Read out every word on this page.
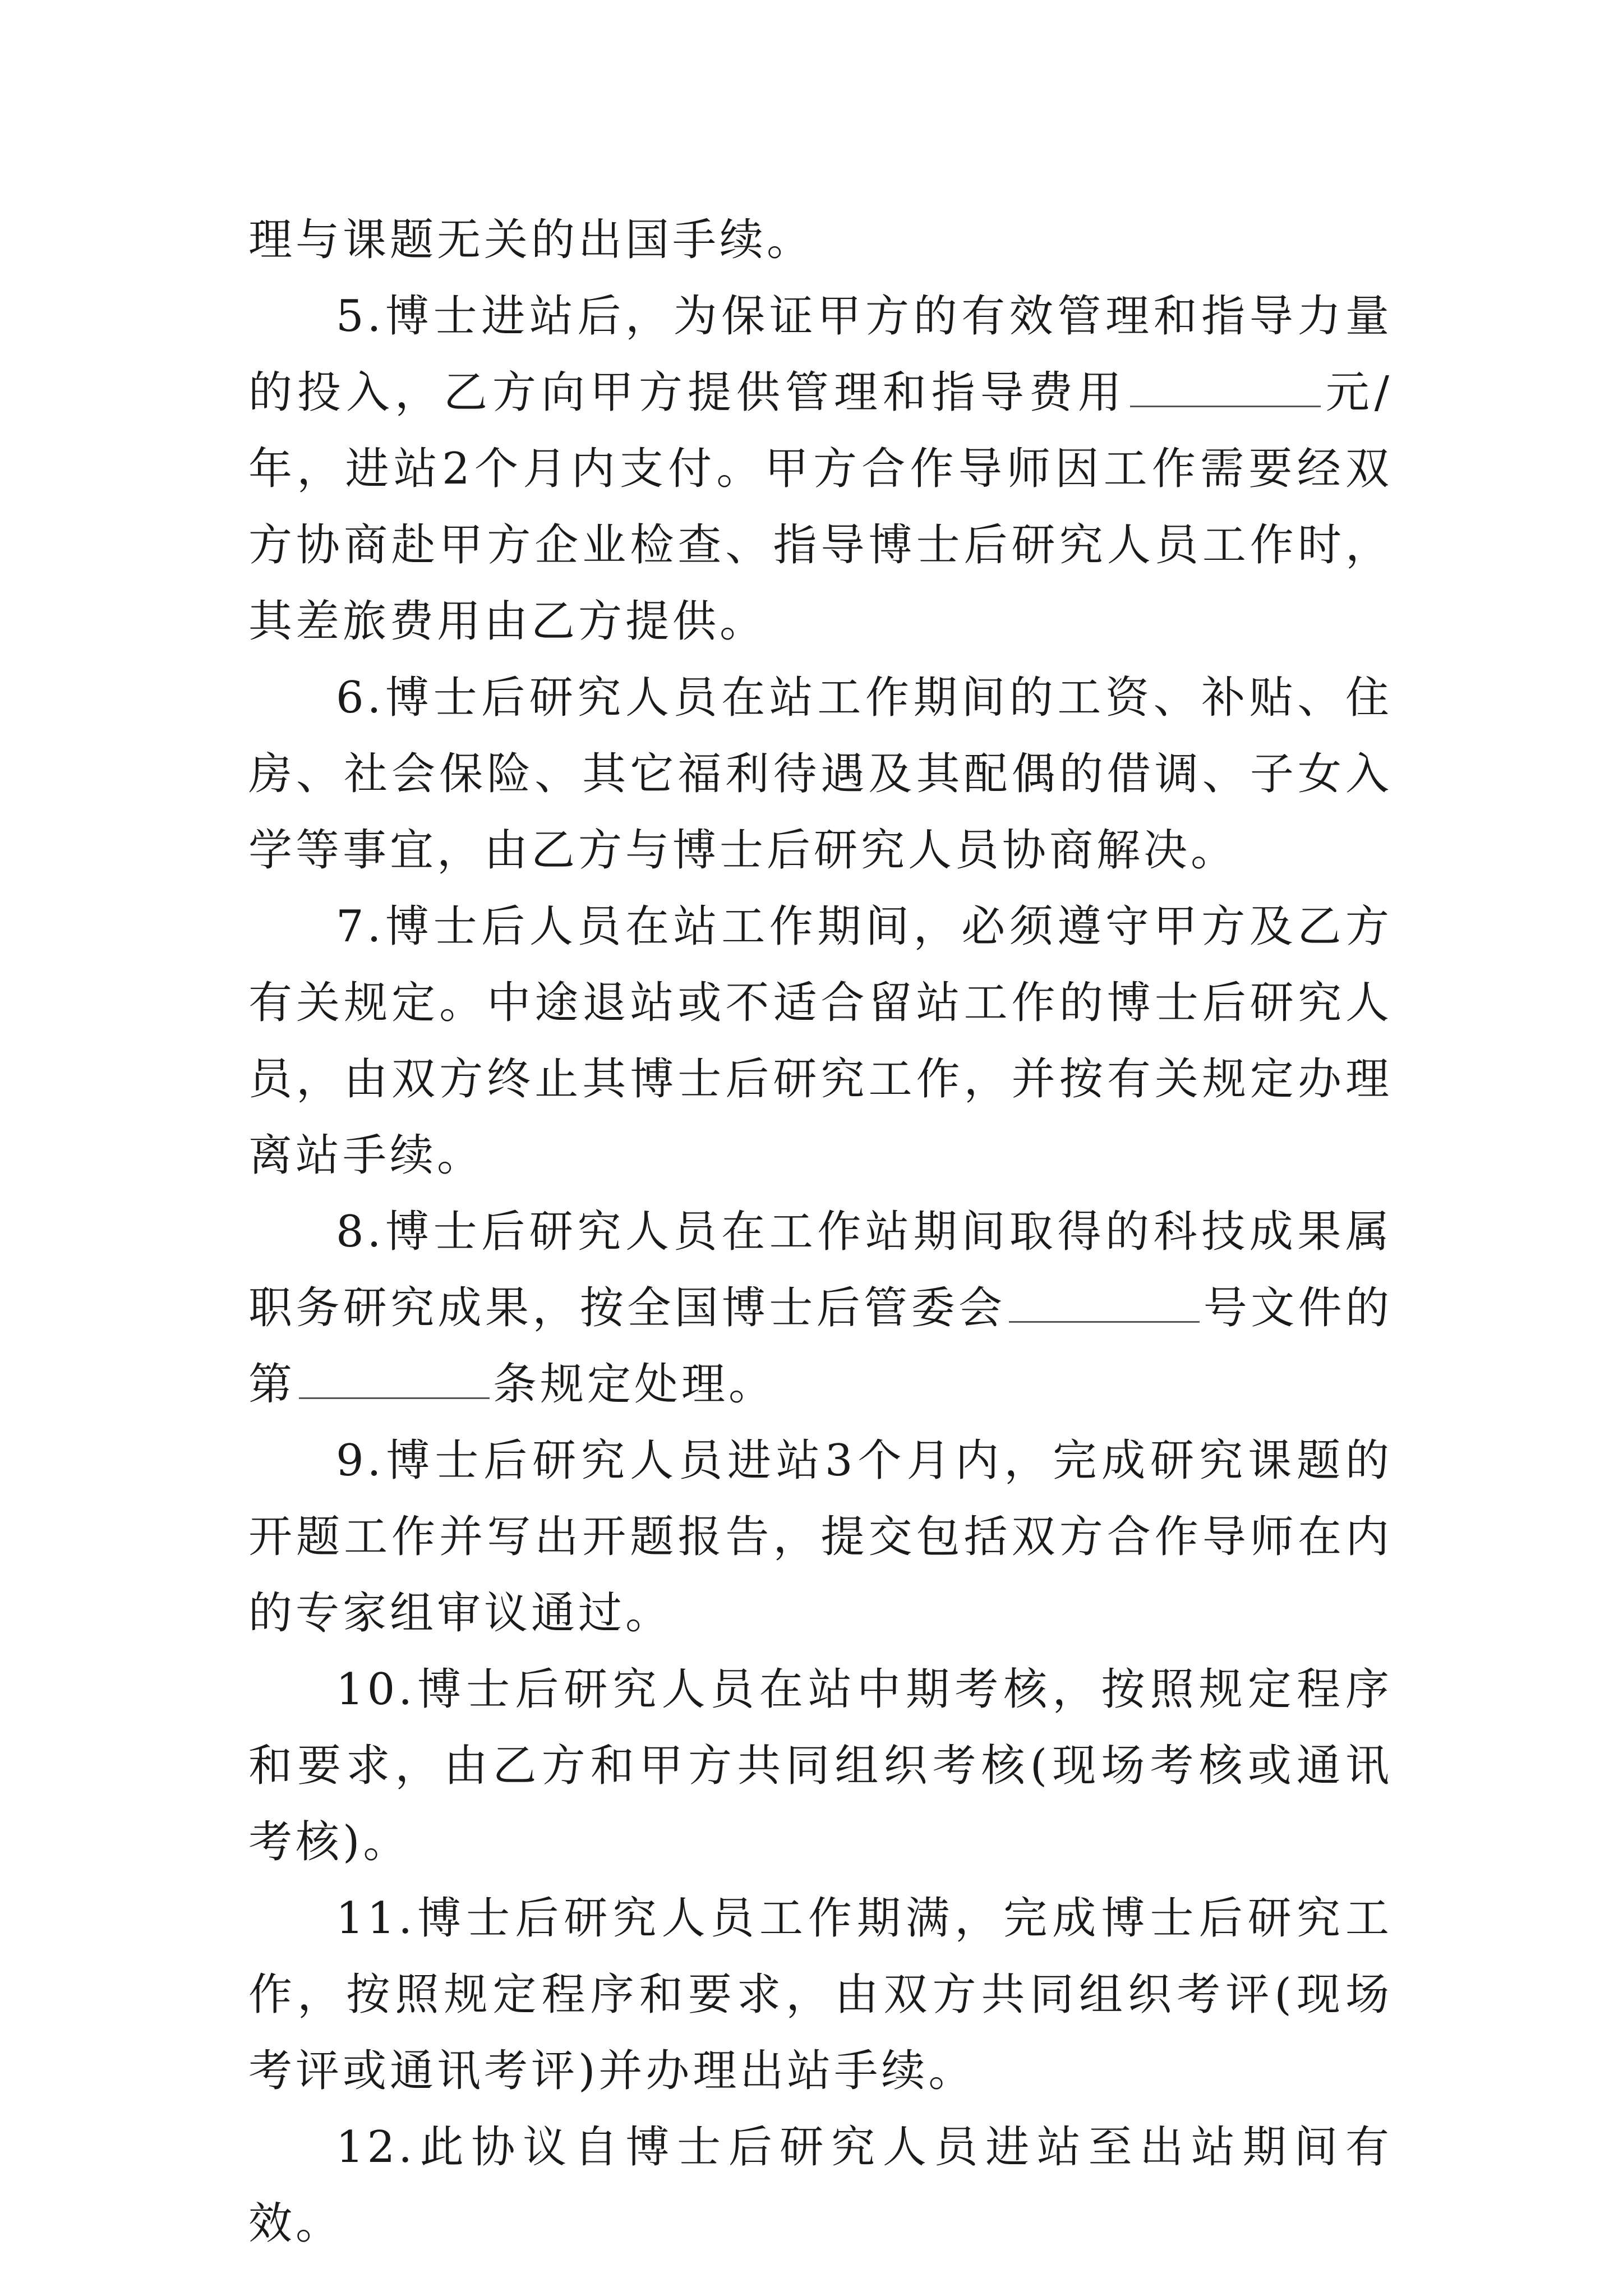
理与课题无关的出国手续。

5.博士进站后，为保证甲方的有效管理和指导力量的投入，乙方向甲方提供管理和指导费用	元/年，进站2个月内支付。甲方合作导师因工作需要经双方协商赴甲方企业检查、指导博士后研究人员工作时，其差旅费用由乙方提供。

6.博士后研究人员在站工作期间的工资、补贴、住房、社会保险、其它福利待遇及其配偶的借调、子女入学等事宜，由乙方与博士后研究人员协商解决。

7.博士后人员在站工作期间，必须遵守甲方及乙方有关规定。中途退站或不适合留站工作的博士后研究人员，由双方终止其博士后研究工作，并按有关规定办理离站手续。

8.博士后研究人员在工作站期间取得的科技成果属职务研究成果，按全国博士后管委会	号文件的第	条规定处理。

9.博士后研究人员进站3个月内，完成研究课题的开题工作并写出开题报告，提交包括双方合作导师在内的专家组审议通过。

10.博士后研究人员在站中期考核，按照规定程序和要求，由乙方和甲方共同组织考核(现场考核或通讯考核)。

11.博士后研究人员工作期满，完成博士后研究工作，按照规定程序和要求，由双方共同组织考评(现场考评或通讯考评)并办理出站手续。

12.此协议自博士后研究人员进站至出站期间有效。
